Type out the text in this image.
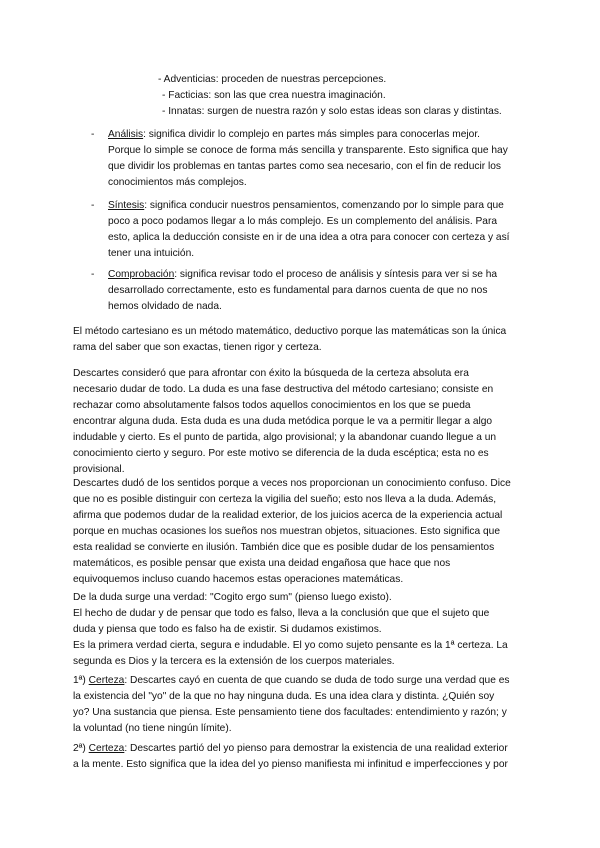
- Adventicias: proceden de nuestras percepciones.
- Facticias: son las que crea nuestra imaginación.
- Innatas: surgen de nuestra razón y solo estas ideas son claras y distintas.
- Análisis: significa dividir lo complejo en partes más simples para conocerlas mejor.
Porque lo simple se conoce de forma más sencilla y transparente. Esto significa que hay
que dividir los problemas en tantas partes como sea necesario, con el fin de reducir los
conocimientos más complejos.
- Síntesis: significa conducir nuestros pensamientos, comenzando por lo simple para que
poco a poco podamos llegar a lo más complejo. Es un complemento del análisis. Para
esto, aplica la deducción consiste en ir de una idea a otra para conocer con certeza y así
tener una intuición.
- Comprobación: significa revisar todo el proceso de análisis y síntesis para ver si se ha
desarrollado correctamente, esto es fundamental para darnos cuenta de que no nos
hemos olvidado de nada.
El método cartesiano es un método matemático, deductivo porque las matemáticas son la única
rama del saber que son exactas, tienen rigor y certeza.
Descartes consideró que para afrontar con éxito la búsqueda de la certeza absoluta era
necesario dudar de todo. La duda es una fase destructiva del método cartesiano; consiste en
rechazar como absolutamente falsos todos aquellos conocimientos en los que se pueda
encontrar alguna duda. Esta duda es una duda metódica porque le va a permitir llegar a algo
indudable y cierto. Es el punto de partida, algo provisional; y la abandonar cuando llegue a un
conocimiento cierto y seguro. Por este motivo se diferencia de la duda escéptica; esta no es
provisional.
Descartes dudó de los sentidos porque a veces nos proporcionan un conocimiento confuso. Dice
que no es posible distinguir con certeza la vigilia del sueño; esto nos lleva a la duda. Además,
afirma que podemos dudar de la realidad exterior, de los juicios acerca de la experiencia actual
porque en muchas ocasiones los sueños nos muestran objetos, situaciones. Esto significa que
esta realidad se convierte en ilusión. También dice que es posible dudar de los pensamientos
matemáticos, es posible pensar que exista una deidad engañosa que hace que nos
equivoquemos incluso cuando hacemos estas operaciones matemáticas.
De la duda surge una verdad: "Cogito ergo sum" (pienso luego existo).
El hecho de dudar y de pensar que todo es falso, lleva a la conclusión que que el sujeto que
duda y piensa que todo es falso ha de existir. Si dudamos existimos.
Es la primera verdad cierta, segura e indudable. El yo como sujeto pensante es la 1ª certeza. La
segunda es Dios y la tercera es la extensión de los cuerpos materiales.
1ª) Certeza: Descartes cayó en cuenta de que cuando se duda de todo surge una verdad que es
la existencia del "yo" de la que no hay ninguna duda. Es una idea clara y distinta. ¿Quién soy
yo? Una sustancia que piensa. Este pensamiento tiene dos facultades: entendimiento y razón; y
la voluntad (no tiene ningún límite).
2ª) Certeza: Descartes partió del yo pienso para demostrar la existencia de una realidad exterior
a la mente. Esto significa que la idea del yo pienso manifiesta mi infinitud e imperfecciones y por
